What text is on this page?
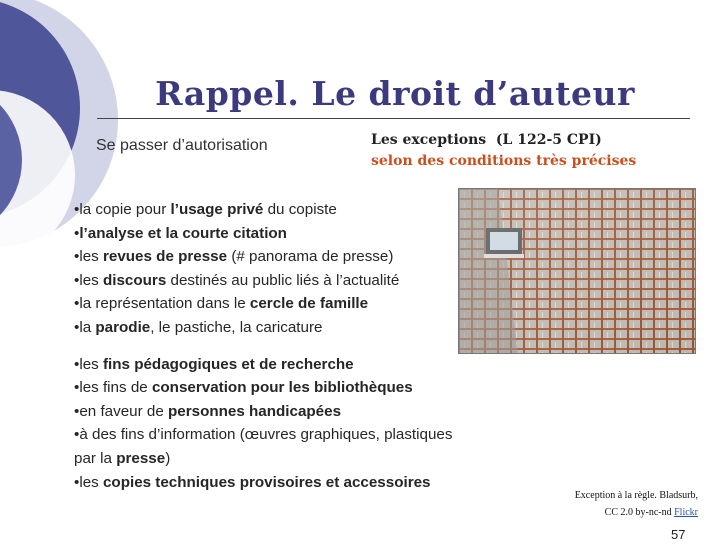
Rappel. Le droit d’auteur
Se passer d’autorisation	Les exceptions  (L 122-5 CPI)
selon des conditions très précises
•la copie pour l’usage privé du copiste
•l’analyse et la courte citation
•les revues de presse (# panorama de presse)
•les discours destinés au public liés à l’actualité
•la représentation dans le cercle de famille
•la parodie, le pastiche, la caricature
•les fins pédagogiques et de recherche
•les fins de conservation pour les bibliothèques
•en faveur de personnes handicapées
•à des fins d’information (œuvres graphiques, plastiques par la presse)
•les copies techniques provisoires et accessoires
Exception à la règle. Bladsurb,
CC 2.0 by-nc-nd Flickr
57
